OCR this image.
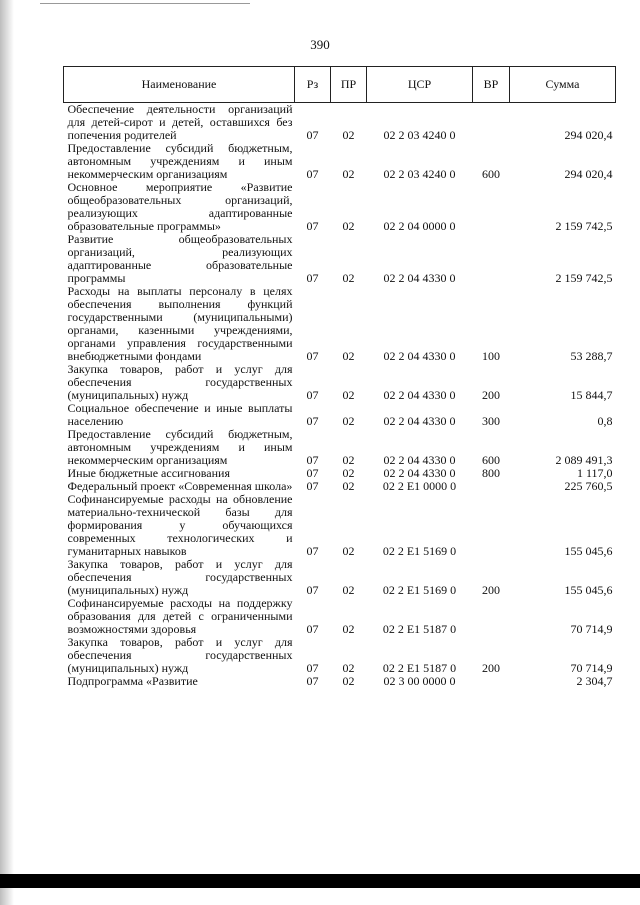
390
Наименование	Рз	ПР	ЦСР	ВР	Сумма
Обеспечение деятельности организаций для детей-сирот и детей, оставшихся без попечения родителей	07	02	02 2 03 4240 0		294 020,4
Предоставление субсидий бюджетным, автономным учреждениям и иным некоммерческим организациям	07	02	02 2 03 4240 0	600	294 020,4
Основное мероприятие «Развитие общеобразовательных организаций, реализующих адаптированные образовательные программы»	07	02	02 2 04 0000 0		2 159 742,5
Развитие общеобразовательных организаций, реализующих адаптированные образовательные программы	07	02	02 2 04 4330 0		2 159 742,5
Расходы на выплаты персоналу в целях обеспечения выполнения функций государственными (муниципальными) органами, казенными учреждениями, органами управления государственными внебюджетными фондами	07	02	02 2 04 4330 0	100	53 288,7
Закупка товаров, работ и услуг для обеспечения государственных (муниципальных) нужд	07	02	02 2 04 4330 0	200	15 844,7
Социальное обеспечение и иные выплаты населению	07	02	02 2 04 4330 0	300	0,8
Предоставление субсидий бюджетным, автономным учреждениям и иным некоммерческим организациям	07	02	02 2 04 4330 0	600	2 089 491,3
Иные бюджетные ассигнования	07	02	02 2 04 4330 0	800	1 117,0
Федеральный проект «Современная школа»	07	02	02 2 E1 0000 0		225 760,5
Софинансируемые расходы на обновление материально-технической базы для формирования у обучающихся современных технологических и гуманитарных навыков	07	02	02 2 E1 5169 0		155 045,6
Закупка товаров, работ и услуг для обеспечения государственных (муниципальных) нужд	07	02	02 2 E1 5169 0	200	155 045,6
Софинансируемые расходы на поддержку образования для детей с ограниченными возможностями здоровья	07	02	02 2 E1 5187 0		70 714,9
Закупка товаров, работ и услуг для обеспечения государственных (муниципальных) нужд	07	02	02 2 E1 5187 0	200	70 714,9
Подпрограмма «Развитие	07	02	02 3 00 0000 0		2 304,7
